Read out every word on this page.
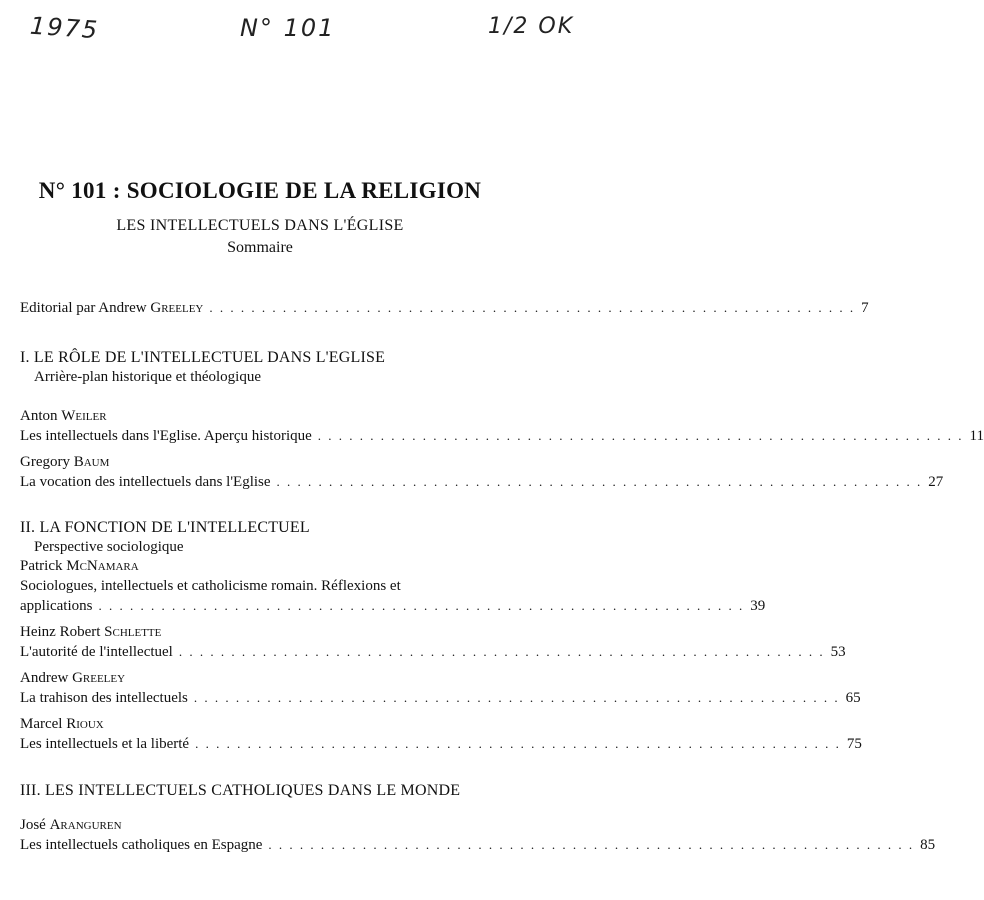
1975	N° 101	1/2 OK
N° 101 : SOCIOLOGIE DE LA RELIGION
LES INTELLECTUELS DANS L'ÉGLISE
Sommaire
Editorial par Andrew Greeley . . . . . . . . . . . . . . . . . . . . . . . . . . . . . . . . . . . . . . . . . . . . . . . . . . . . . . . . . . . . . . 7
I. LE RÔLE DE L'INTELLECTUEL DANS L'EGLISE
Arrière-plan historique et théologique
Anton Weiler
Les intellectuels dans l'Eglise. Aperçu historique . . . . . . . . . . . . . . . . . . . . . . . . . . . . . . . . . . . . . . . . . . . . . . . . . . . . . . . . . . . . . . 11
Gregory Baum
La vocation des intellectuels dans l'Eglise . . . . . . . . . . . . . . . . . . . . . . . . . . . . . . . . . . . . . . . . . . . . . . . . . . . . . . . . . . . . . . 27
II. LA FONCTION DE L'INTELLECTUEL
Perspective sociologique
Patrick McNamara
Sociologues, intellectuels et catholicisme romain. Réflexions et
applications . . . . . . . . . . . . . . . . . . . . . . . . . . . . . . . . . . . . . . . . . . . . . . . . . . . . . . . . . . . . . . 39
Heinz Robert Schlette
L'autorité de l'intellectuel . . . . . . . . . . . . . . . . . . . . . . . . . . . . . . . . . . . . . . . . . . . . . . . . . . . . . . . . . . . . . . 53
Andrew Greeley
La trahison des intellectuels . . . . . . . . . . . . . . . . . . . . . . . . . . . . . . . . . . . . . . . . . . . . . . . . . . . . . . . . . . . . . . 65
Marcel Rioux
Les intellectuels et la liberté . . . . . . . . . . . . . . . . . . . . . . . . . . . . . . . . . . . . . . . . . . . . . . . . . . . . . . . . . . . . . . 75
III. LES INTELLECTUELS CATHOLIQUES DANS LE MONDE
José Aranguren
Les intellectuels catholiques en Espagne . . . . . . . . . . . . . . . . . . . . . . . . . . . . . . . . . . . . . . . . . . . . . . . . . . . . . . . . . . . . . . 85
